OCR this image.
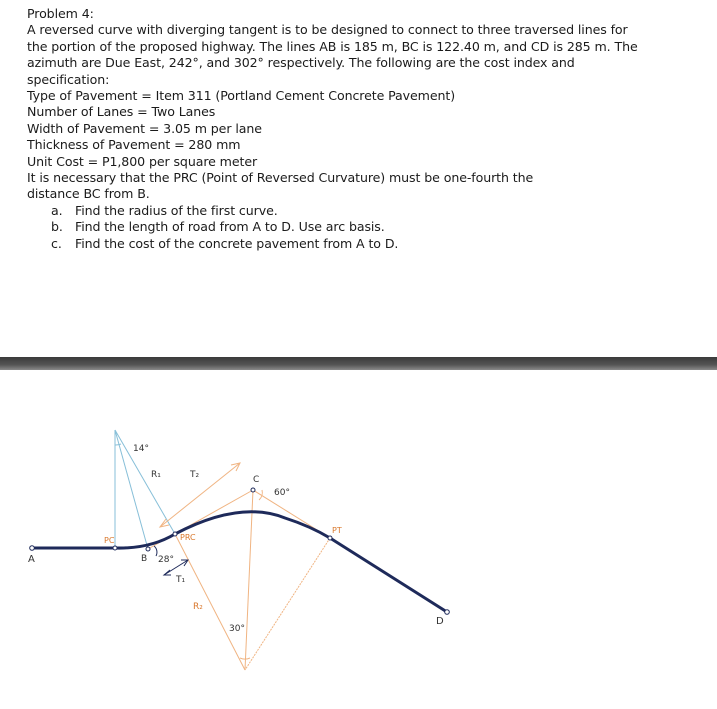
Problem 4:

A reversed curve with diverging tangent is to be designed to connect to three traversed lines for

the portion of the proposed highway. The lines AB is 185 m, BC is 122.40 m, and CD is 285 m. The

azimuth are Due East, 242°, and 302° respectively. The following are the cost index and

specification:

Type of Pavement = Item 311 (Portland Cement Concrete Pavement)

Number of Lanes = Two Lanes

Width of Pavement = 3.05 m per lane

Thickness of Pavement = 280 mm

Unit Cost = P1,800 per square meter

It is necessary that the PRC (Point of Reversed Curvature) must be one-fourth the

distance BC from B.

a. Find the radius of the first curve.
b. Find the length of road from A to D. Use arc basis.
c. Find the cost of the concrete pavement from A to D.
A
PC
B 28°
PRC
T₁
R₁	T₂
14°
C
60°
PT
R₂
30°
D
